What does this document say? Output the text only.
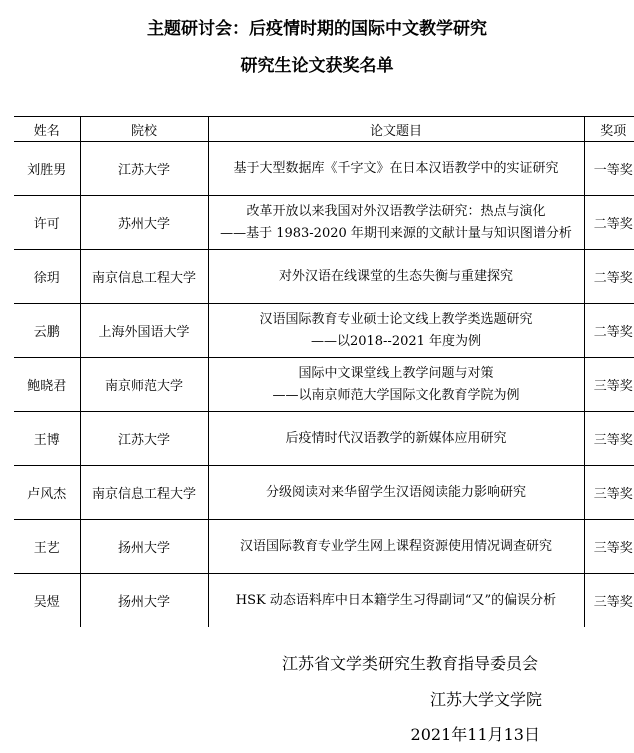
主题研讨会：后疫情时期的国际中文教学研究
研究生论文获奖名单
姓名	院校	论文题目	奖项
刘胜男	江苏大学	基于大型数据库《千字文》在日本汉语教学中的实证研究	一等奖
许可	苏州大学	改革开放以来我国对外汉语教学法研究：热点与演化
——基于 1983-2020 年期刊来源的文献计量与知识图谱分析	二等奖
徐玥	南京信息工程大学	对外汉语在线课堂的生态失衡与重建探究	二等奖
云鹏	上海外国语大学	汉语国际教育专业硕士论文线上教学类选题研究
——以2018--2021 年度为例	二等奖
鲍晓君	南京师范大学	国际中文课堂线上教学问题与对策
——以南京师范大学国际文化教育学院为例	三等奖
王博	江苏大学	后疫情时代汉语教学的新媒体应用研究	三等奖
卢风杰	南京信息工程大学	分级阅读对来华留学生汉语阅读能力影响研究	三等奖
王艺	扬州大学	汉语国际教育专业学生网上课程资源使用情况调查研究	三等奖
吴煜	扬州大学	HSK 动态语料库中日本籍学生习得副词“又”的偏误分析	三等奖
江苏省文学类研究生教育指导委员会
江苏大学文学院
2021年11月13日
